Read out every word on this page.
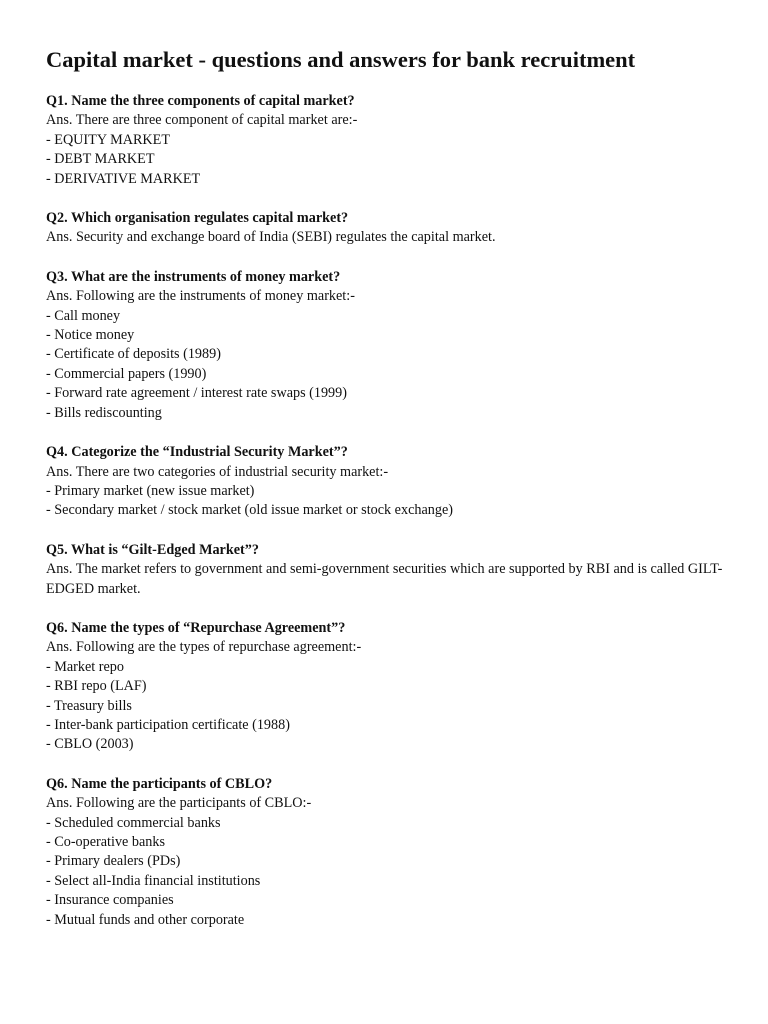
Capital market - questions and answers for bank recruitment
Q1. Name the three components of capital market?
Ans. There are three component of capital market are:-
- EQUITY MARKET
- DEBT MARKET
- DERIVATIVE MARKET
Q2. Which organisation regulates capital market?
Ans. Security and exchange board of India (SEBI) regulates the capital market.
Q3. What are the instruments of money market?
Ans. Following are the instruments of money market:-
- Call money
- Notice money
- Certificate of deposits (1989)
- Commercial papers (1990)
- Forward rate agreement / interest rate swaps (1999)
- Bills rediscounting
Q4. Categorize the “Industrial Security Market”?
Ans. There are two categories of industrial security market:-
- Primary market (new issue market)
- Secondary market / stock market (old issue market or stock exchange)
Q5. What is “Gilt-Edged Market”?
Ans. The market refers to government and semi-government securities which are supported by RBI and is called GILT-EDGED market.
Q6. Name the types of “Repurchase Agreement”?
Ans. Following are the types of repurchase agreement:-
- Market repo
- RBI repo (LAF)
- Treasury bills
- Inter-bank participation certificate (1988)
- CBLO (2003)
Q6. Name the participants of CBLO?
Ans. Following are the participants of CBLO:-
- Scheduled commercial banks
- Co-operative banks
- Primary dealers (PDs)
- Select all-India financial institutions
- Insurance companies
- Mutual funds and other corporate
